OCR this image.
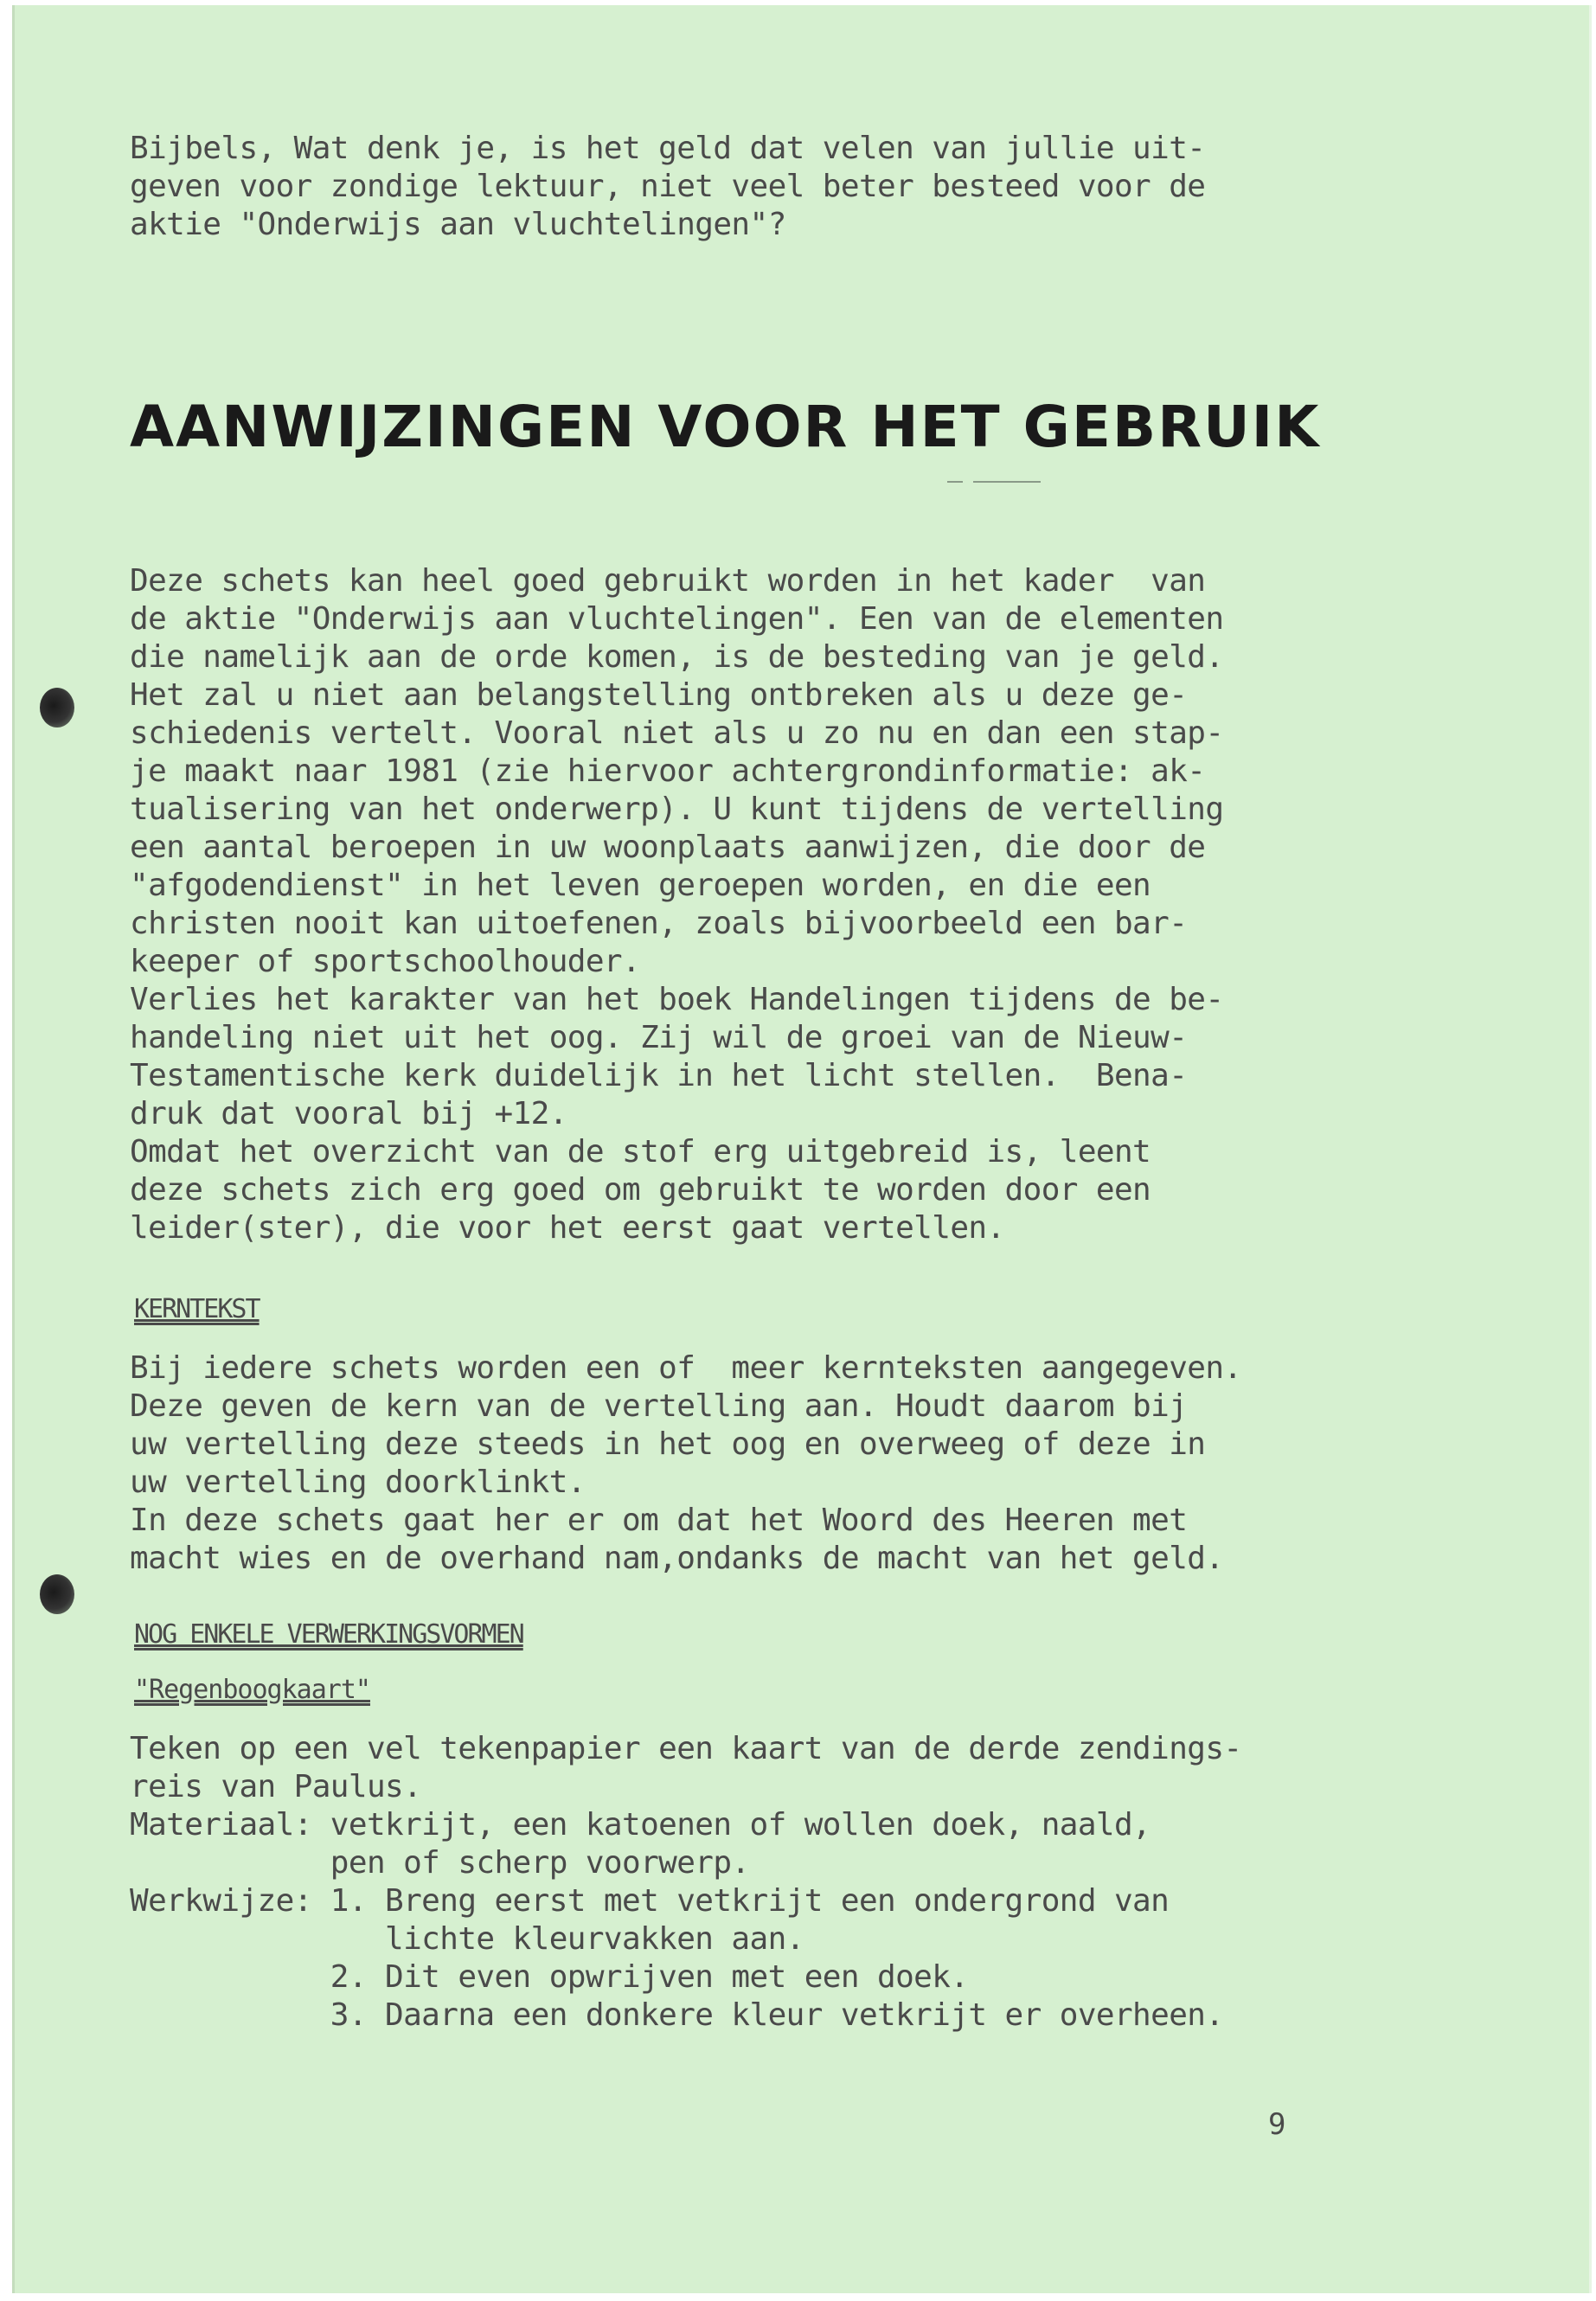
Bijbels, Wat denk je, is het geld dat velen van jullie uit-
geven voor zondige lektuur, niet veel beter besteed voor de
aktie "Onderwijs aan vluchtelingen"?
AANWIJZINGEN VOOR HET GEBRUIK
Deze schets kan heel goed gebruikt worden in het kader  van
de aktie "Onderwijs aan vluchtelingen". Een van de elementen
die namelijk aan de orde komen, is de besteding van je geld.
Het zal u niet aan belangstelling ontbreken als u deze ge-
schiedenis vertelt. Vooral niet als u zo nu en dan een stap-
je maakt naar 1981 (zie hiervoor achtergrondinformatie: ak-
tualisering van het onderwerp). U kunt tijdens de vertelling
een aantal beroepen in uw woonplaats aanwijzen, die door de
"afgodendienst" in het leven geroepen worden, en die een
christen nooit kan uitoefenen, zoals bijvoorbeeld een bar-
keeper of sportschoolhouder.
Verlies het karakter van het boek Handelingen tijdens de be-
handeling niet uit het oog. Zij wil de groei van de Nieuw-
Testamentische kerk duidelijk in het licht stellen.  Bena-
druk dat vooral bij +12.
Omdat het overzicht van de stof erg uitgebreid is, leent
deze schets zich erg goed om gebruikt te worden door een
leider(ster), die voor het eerst gaat vertellen.
KERNTEKST
Bij iedere schets worden een of  meer kernteksten aangegeven.
Deze geven de kern van de vertelling aan. Houdt daarom bij
uw vertelling deze steeds in het oog en overweeg of deze in
uw vertelling doorklinkt.
In deze schets gaat her er om dat het Woord des Heeren met
macht wies en de overhand nam,ondanks de macht van het geld.
NOG ENKELE VERWERKINGSVORMEN
"Regenboogkaart"
Teken op een vel tekenpapier een kaart van de derde zendings-
reis van Paulus.
Materiaal: vetkrijt, een katoenen of wollen doek, naald,
pen of scherp voorwerp.
Werkwijze: 1. Breng eerst met vetkrijt een ondergrond van
lichte kleurvakken aan.
2. Dit even opwrijven met een doek.
3. Daarna een donkere kleur vetkrijt er overheen.
9
